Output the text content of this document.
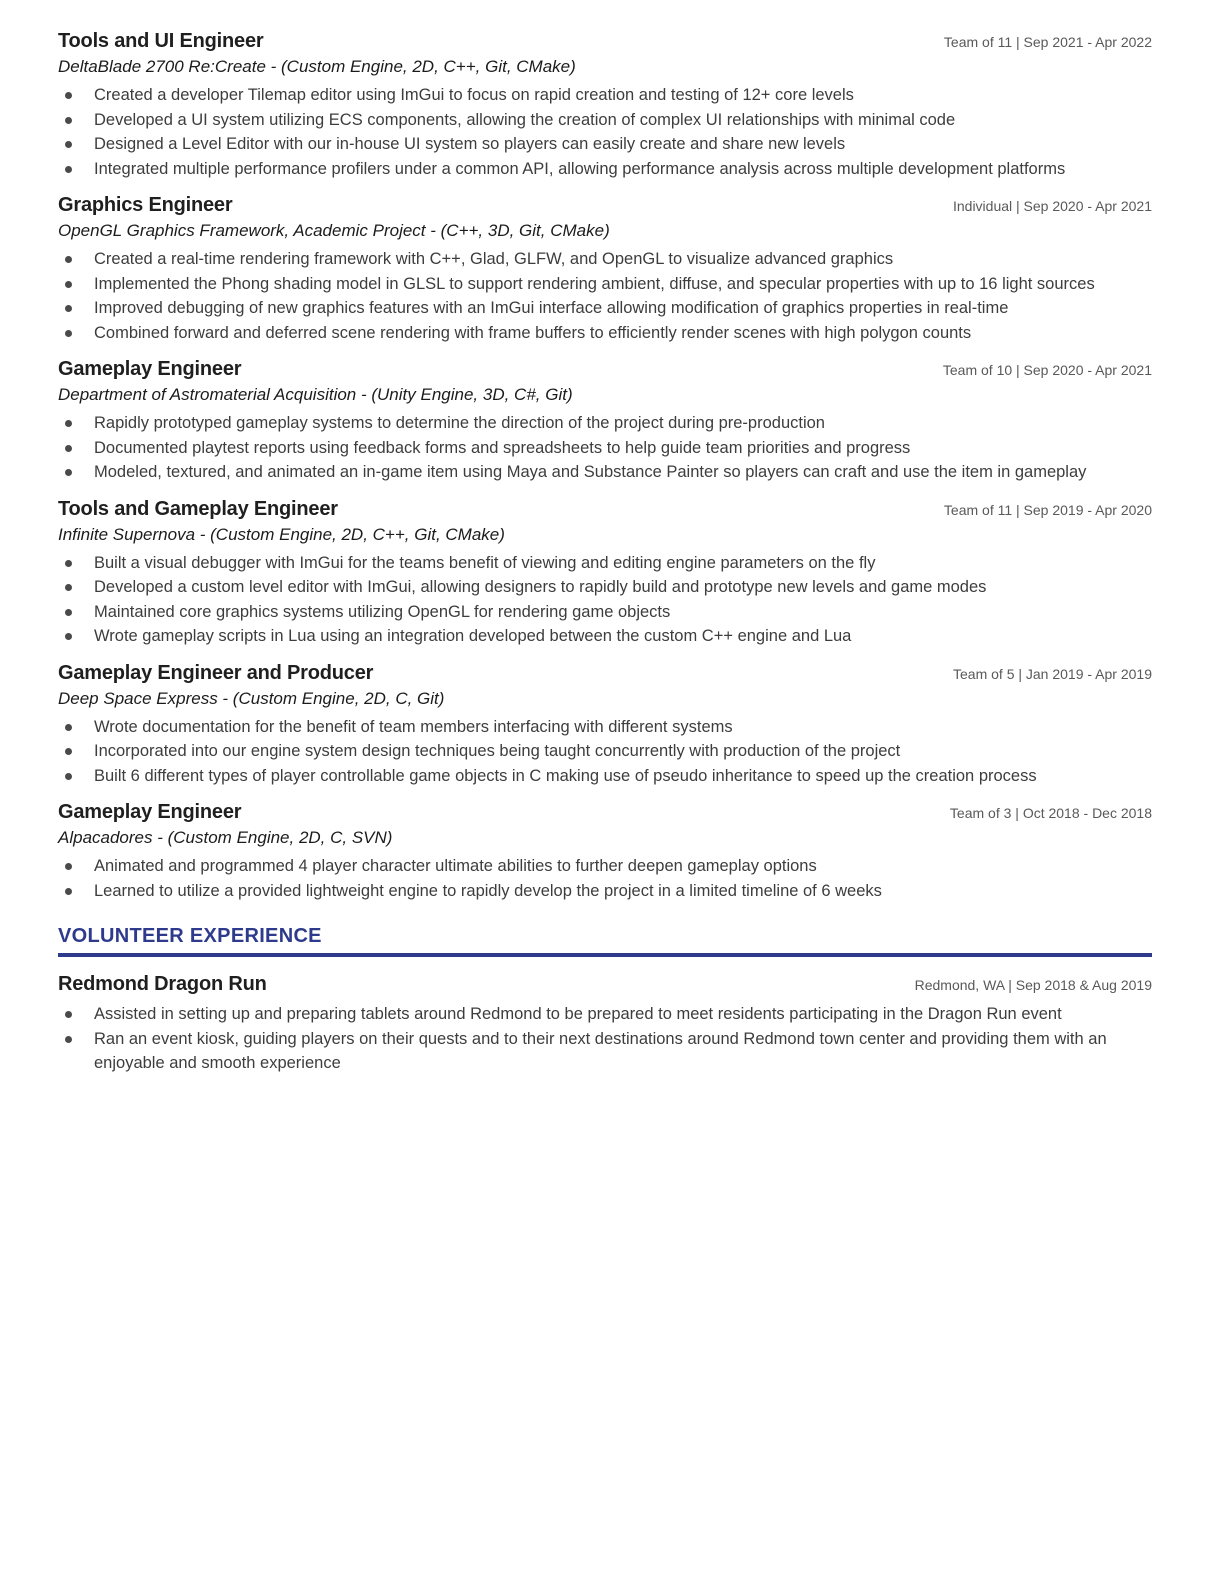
Tools and UI Engineer	Team of 11 | Sep 2021 - Apr 2022

DeltaBlade 2700 Re:Create - (Custom Engine, 2D, C++, Git, CMake)

Created a developer Tilemap editor using ImGui to focus on rapid creation and testing of 12+ core levels
Developed a UI system utilizing ECS components, allowing the creation of complex UI relationships with minimal code
Designed a Level Editor with our in-house UI system so players can easily create and share new levels
Integrated multiple performance profilers under a common API, allowing performance analysis across multiple development platforms
Graphics Engineer	Individual | Sep 2020 - Apr 2021

OpenGL Graphics Framework, Academic Project - (C++, 3D, Git, CMake)

Created a real-time rendering framework with C++, Glad, GLFW, and OpenGL to visualize advanced graphics
Implemented the Phong shading model in GLSL to support rendering ambient, diffuse, and specular properties with up to 16 light sources
Improved debugging of new graphics features with an ImGui interface allowing modification of graphics properties in real-time
Combined forward and deferred scene rendering with frame buffers to efficiently render scenes with high polygon counts
Gameplay Engineer	Team of 10 | Sep 2020 - Apr 2021

Department of Astromaterial Acquisition - (Unity Engine, 3D, C#, Git)

Rapidly prototyped gameplay systems to determine the direction of the project during pre-production
Documented playtest reports using feedback forms and spreadsheets to help guide team priorities and progress
Modeled, textured, and animated an in-game item using Maya and Substance Painter so players can craft and use the item in gameplay
Tools and Gameplay Engineer	Team of 11 | Sep 2019 - Apr 2020

Infinite Supernova - (Custom Engine, 2D, C++, Git, CMake)

Built a visual debugger with ImGui for the teams benefit of viewing and editing engine parameters on the fly
Developed a custom level editor with ImGui, allowing designers to rapidly build and prototype new levels and game modes
Maintained core graphics systems utilizing OpenGL for rendering game objects
Wrote gameplay scripts in Lua using an integration developed between the custom C++ engine and Lua
Gameplay Engineer and Producer	Team of 5 | Jan 2019 - Apr 2019

Deep Space Express - (Custom Engine, 2D, C, Git)

Wrote documentation for the benefit of team members interfacing with different systems
Incorporated into our engine system design techniques being taught concurrently with production of the project
Built 6 different types of player controllable game objects in C making use of pseudo inheritance to speed up the creation process
Gameplay Engineer	Team of 3 | Oct 2018 - Dec 2018

Alpacadores - (Custom Engine, 2D, C, SVN)

Animated and programmed 4 player character ultimate abilities to further deepen gameplay options
Learned to utilize a provided lightweight engine to rapidly develop the project in a limited timeline of 6 weeks
VOLUNTEER EXPERIENCE
Redmond Dragon Run	Redmond, WA | Sep 2018 & Aug 2019
Assisted in setting up and preparing tablets around Redmond to be prepared to meet residents participating in the Dragon Run event
Ran an event kiosk, guiding players on their quests and to their next destinations around Redmond town center and providing them with an enjoyable and smooth experience
